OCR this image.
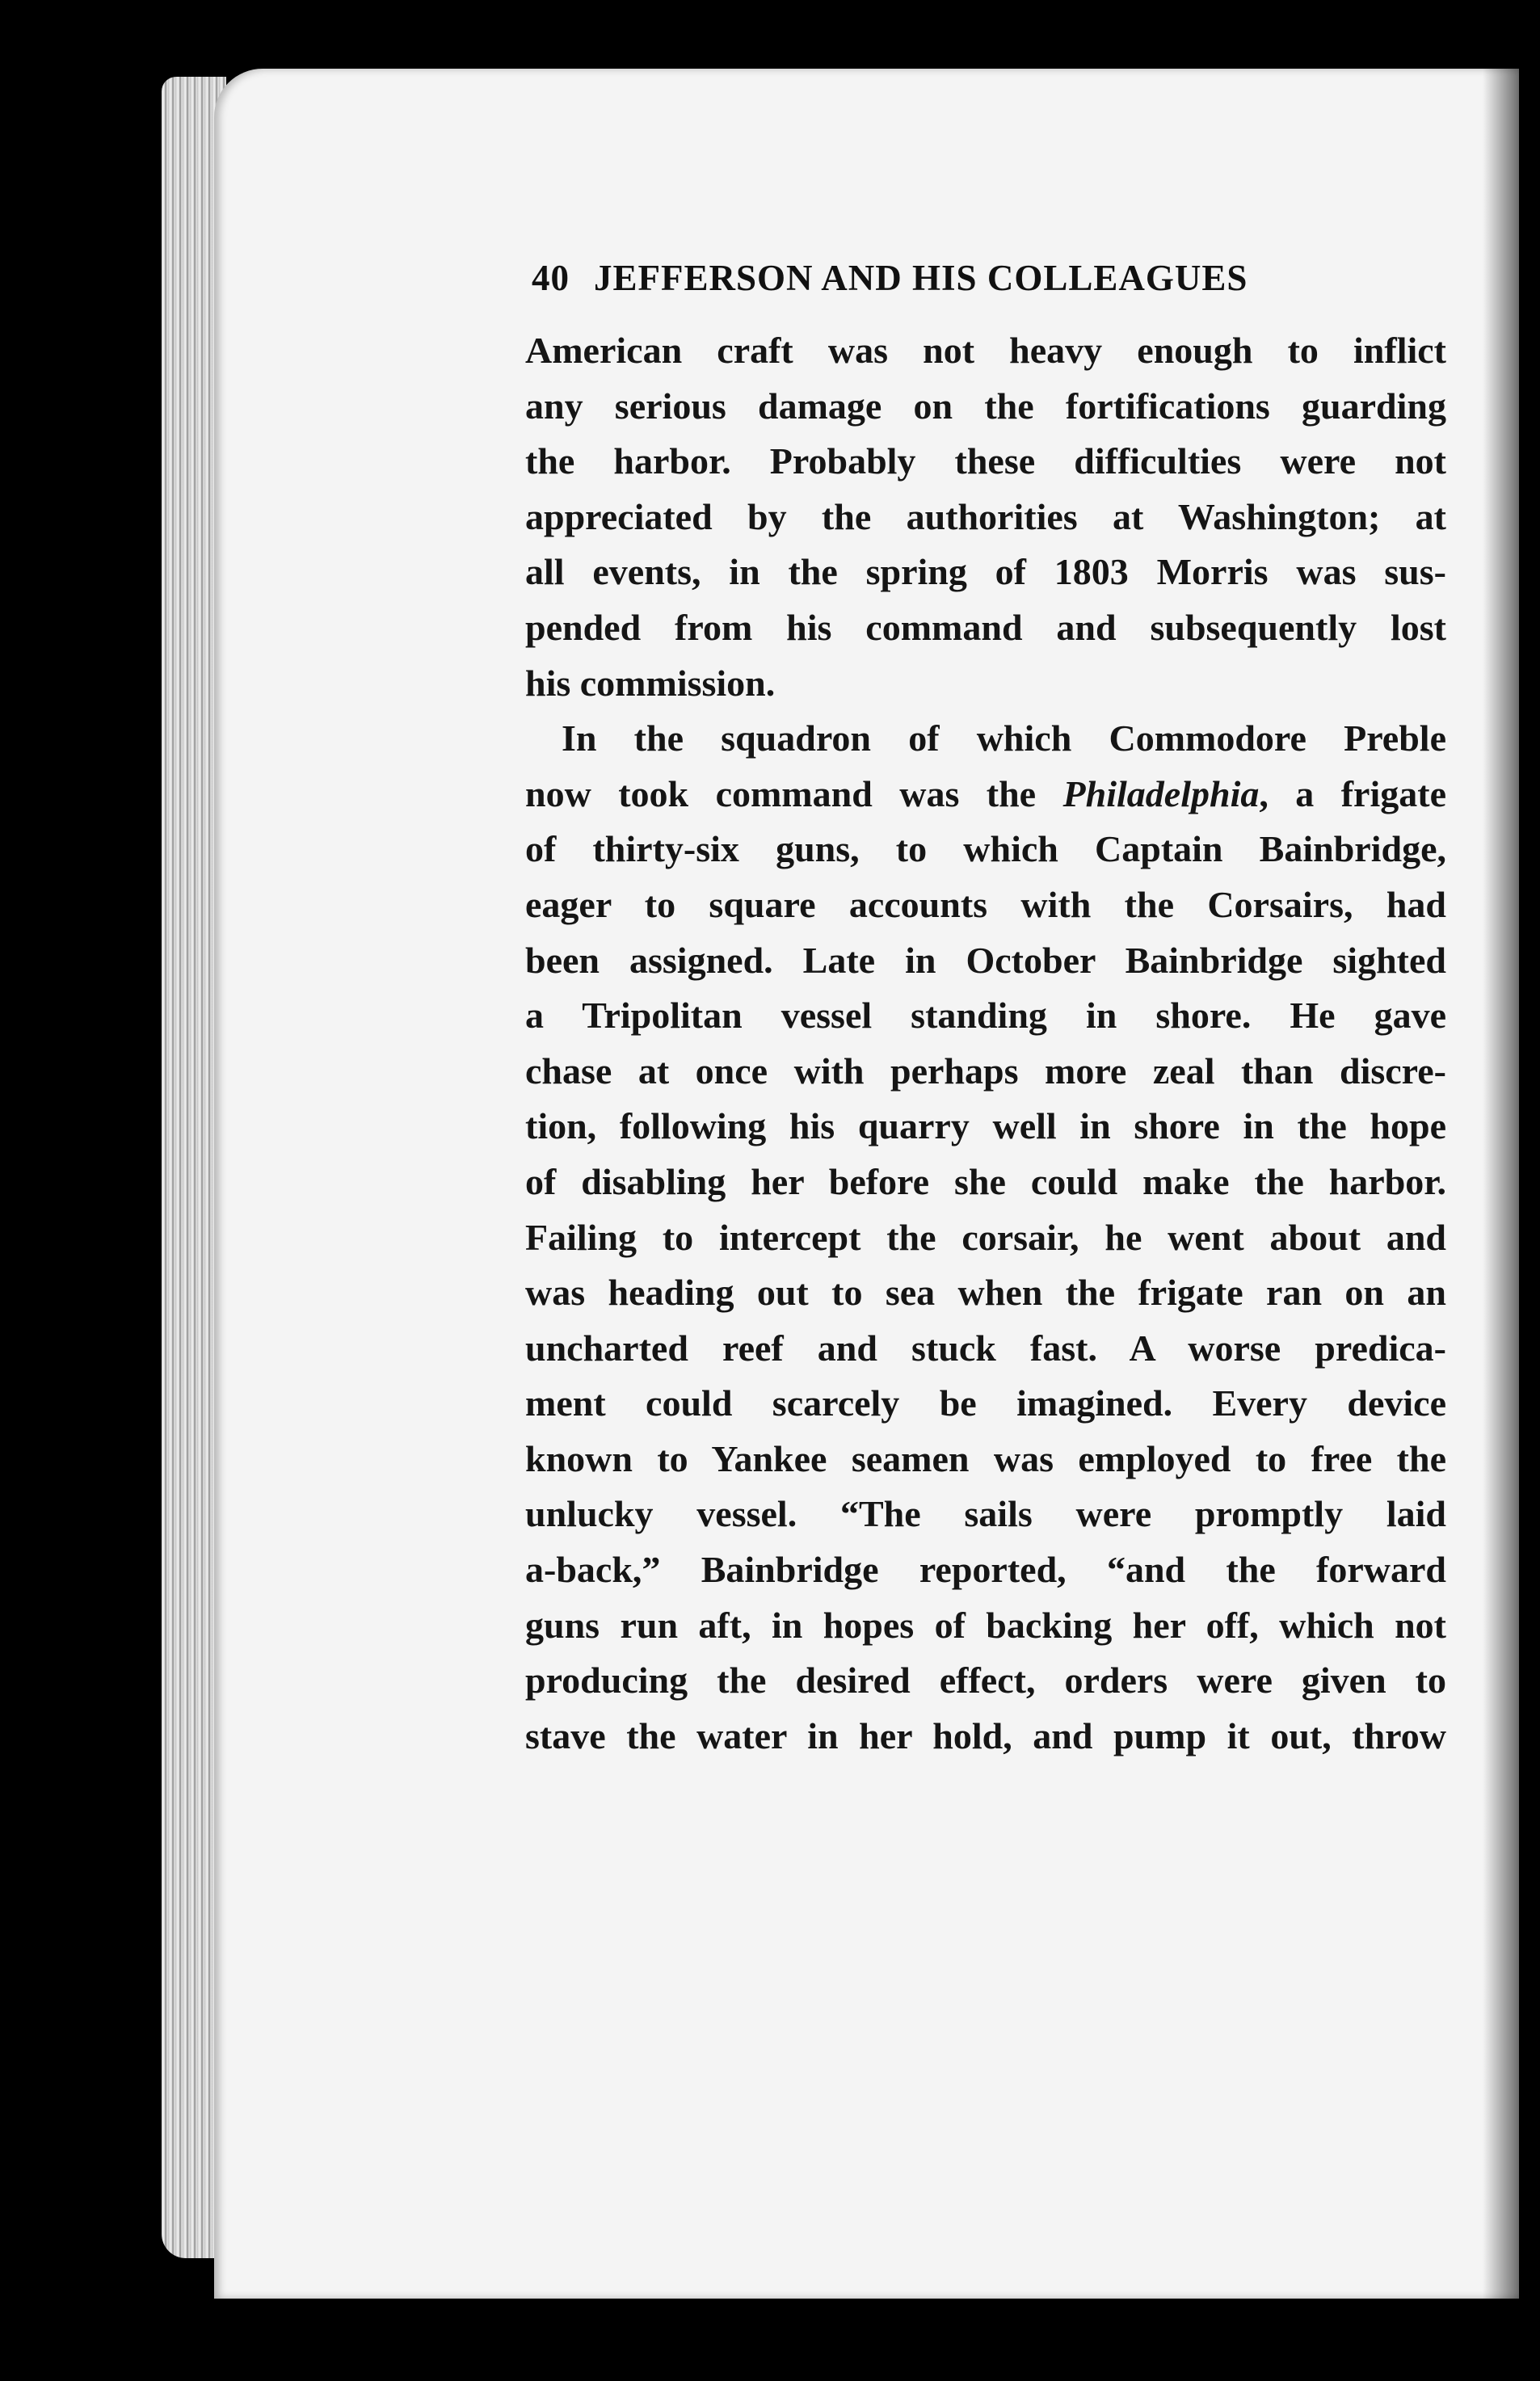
40 JEFFERSON AND HIS COLLEAGUES
American craft was not heavy enough to inflict
any serious damage on the fortifications guarding
the harbor. Probably these difficulties were not
appreciated by the authorities at Washington; at
all events, in the spring of 1803 Morris was sus-
pended from his command and subsequently lost
his commission.
In the squadron of which Commodore Preble
now took command was the Philadelphia, a frigate
of thirty-six guns, to which Captain Bainbridge,
eager to square accounts with the Corsairs, had
been assigned. Late in October Bainbridge sighted
a Tripolitan vessel standing in shore. He gave
chase at once with perhaps more zeal than discre-
tion, following his quarry well in shore in the hope
of disabling her before she could make the harbor.
Failing to intercept the corsair, he went about and
was heading out to sea when the frigate ran on an
uncharted reef and stuck fast. A worse predica-
ment could scarcely be imagined. Every device
known to Yankee seamen was employed to free the
unlucky vessel. “The sails were promptly laid
a-back,” Bainbridge reported, “and the forward
guns run aft, in hopes of backing her off, which not
producing the desired effect, orders were given to
stave the water in her hold, and pump it out, throw
